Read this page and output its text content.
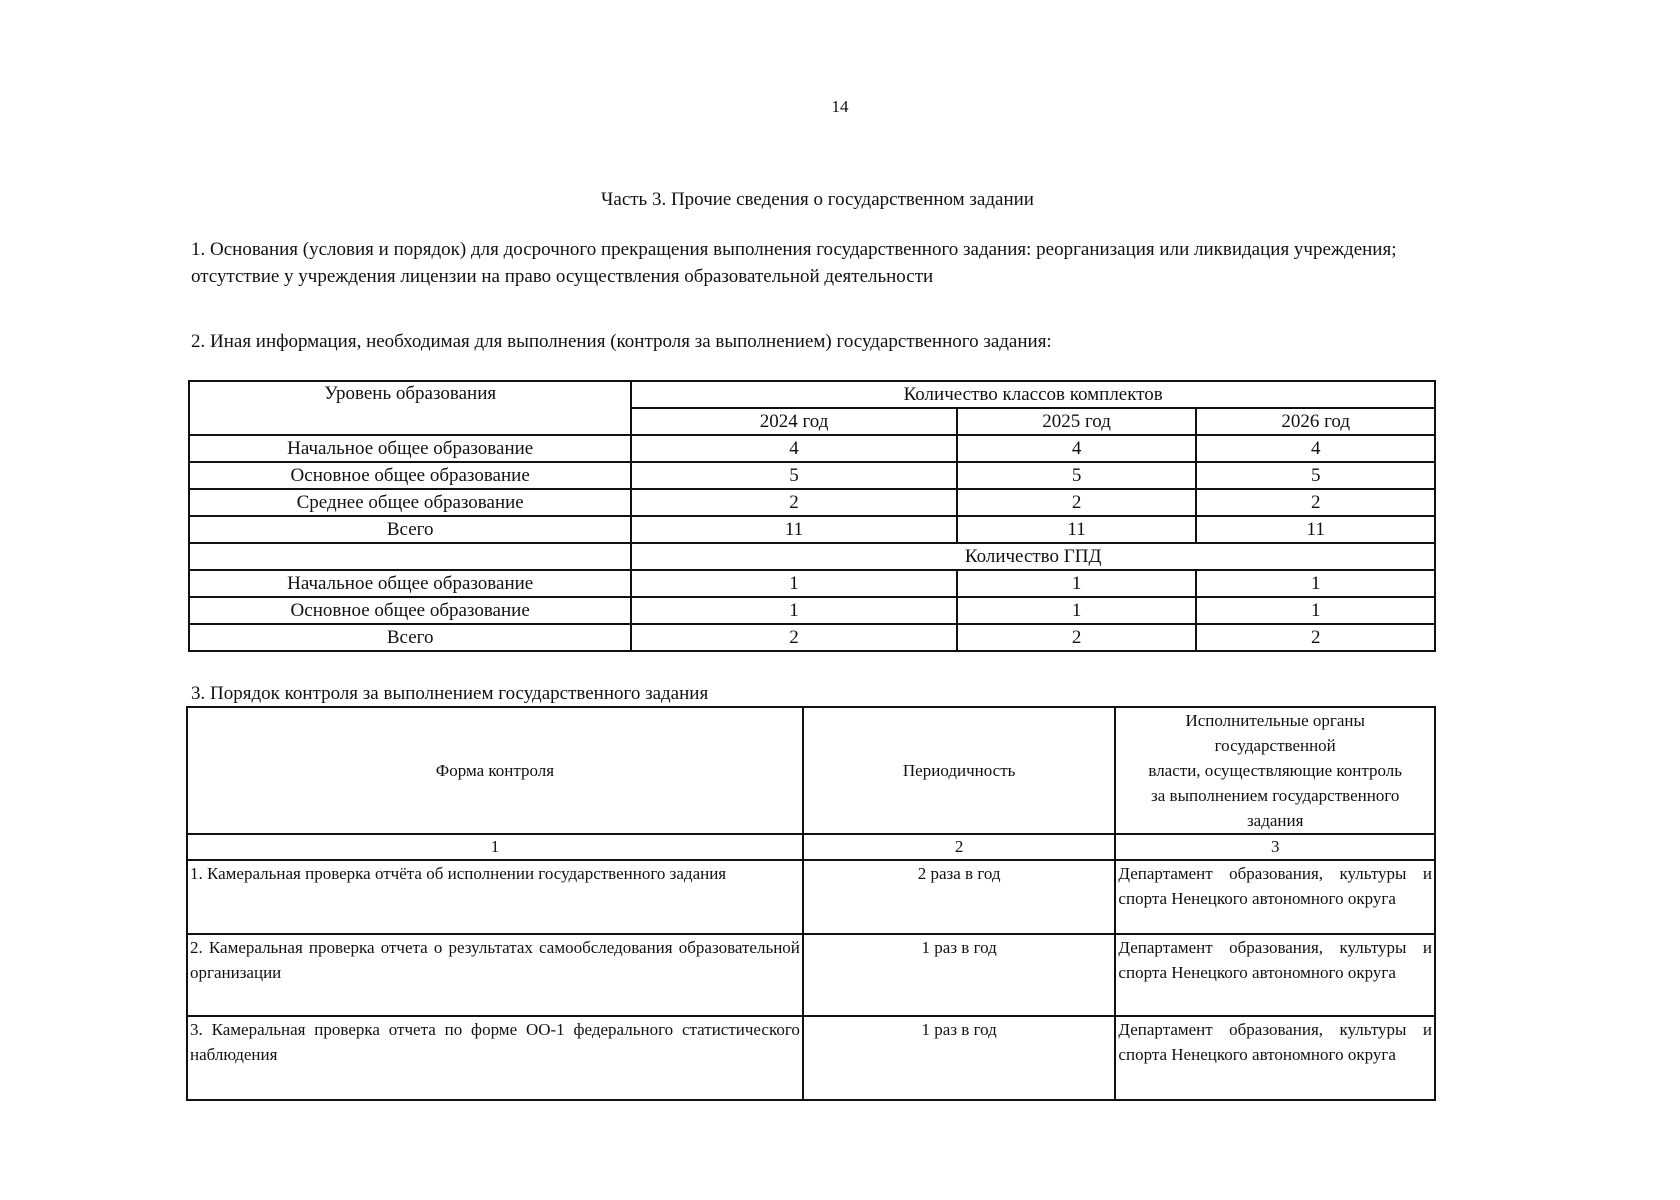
14
Часть 3. Прочие сведения о государственном задании
1. Основания (условия и порядок) для досрочного прекращения выполнения государственного задания: реорганизация или ликвидация учреждения; отсутствие у учреждения лицензии на право осуществления образовательной деятельности
2. Иная информация, необходимая для выполнения (контроля за выполнением) государственного задания:
Уровень образования	Количество классов комплектов		
	2024 год	2025 год	2026 год
Начальное общее образование	4	4	4
Основное общее образование	5	5	5
Среднее общее образование	2	2	2
Всего	11	11	11
	Количество ГПД		
Начальное общее образование	1	1	1
Основное общее образование	1	1	1
Всего	2	2	2
3. Порядок контроля за выполнением государственного задания
Форма контроля	Периодичность	Исполнительные органы
государственной
власти, осуществляющие контроль
за выполнением государственного
задания

1	2	3
1. Камеральная проверка отчёта об исполнении государственного задания	2 раза в год	Департамент образования, культуры и спорта Ненецкого автономного округа
2. Камеральная проверка отчета о результатах самообследования образовательной организации	1 раз в год	Департамент образования, культуры и спорта Ненецкого автономного округа
3. Камеральная проверка отчета по форме ОО-1 федерального статистического наблюдения	1 раз в год	Департамент образования, культуры и спорта Ненецкого автономного округа
